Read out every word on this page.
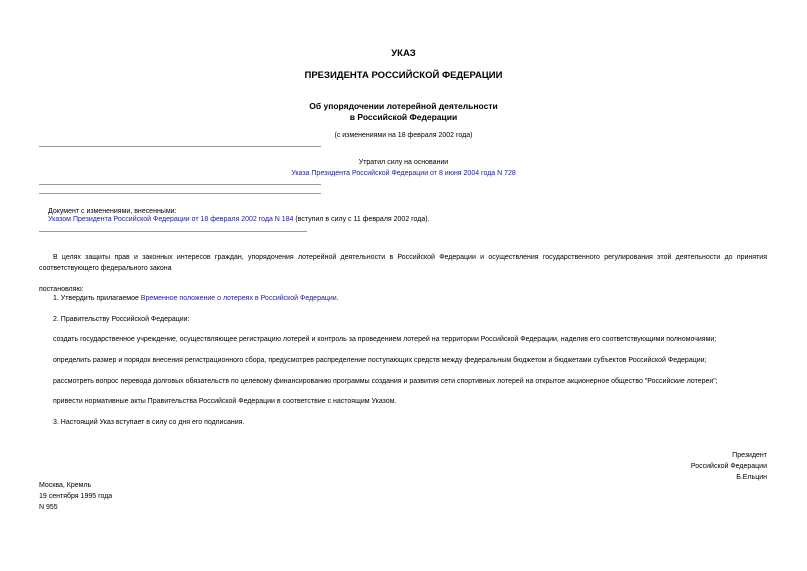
УКАЗ
ПРЕЗИДЕНТА РОССИЙСКОЙ ФЕДЕРАЦИИ
Об упорядочении лотерейной деятельности
в Российской Федерации
(с изменениями на 18 февраля 2002 года)
Утратил силу на основании
Указа Президента Российской Федерации от 8 июня 2004 года N 728
Документ с изменениями, внесенными:
Указом Президента Российской Федерации от 18 февраля 2002 года N 184 (вступил в силу с 11 февраля 2002 года).
В целях защиты прав и законных интересов граждан, упорядочения лотерейной деятельности в Российской Федерации и осуществления государственного регулирования этой деятельности до принятия соответствующего федерального закона
постановляю:
1. Утвердить прилагаемое Временное положение о лотереях в Российской Федерации.
2. Правительству Российской Федерации:
создать государственное учреждение, осуществляющее регистрацию лотерей и контроль за проведением лотерей на территории Российской Федерации, наделив его соответствующими полномочиями;
определить размер и порядок внесения регистрационного сбора, предусмотрев распределение поступающих средств между федеральным бюджетом и бюджетами субъектов Российской Федерации;
рассмотреть вопрос перевода долговых обязательств по целевому финансированию программы создания и развития сети спортивных лотерей на открытое акционерное общество "Российские лотереи";
привести нормативные акты Правительства Российской Федерации в соответствие с настоящим Указом.
3. Настоящий Указ вступает в силу со дня его подписания.
Президент
Российской Федерации
Б.Ельцин
Москва, Кремль
19 сентября 1995 года
N 955
